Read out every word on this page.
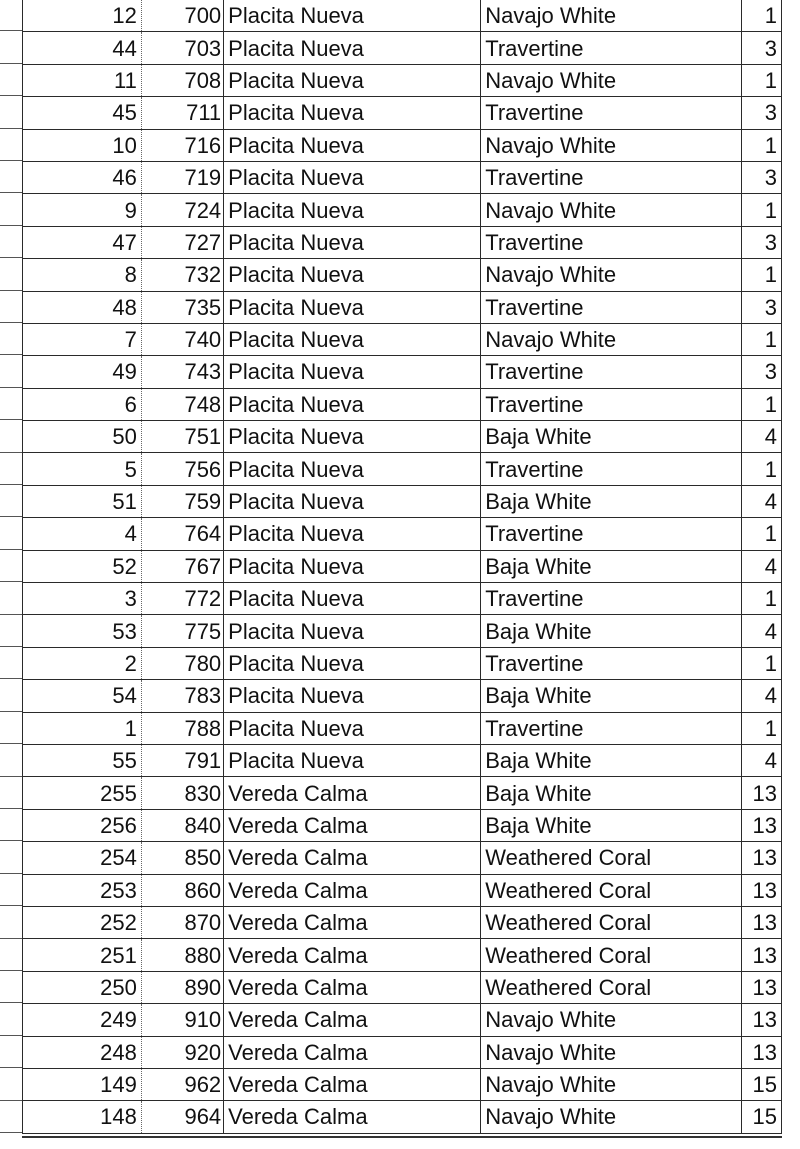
12	700	Placita Nueva	Navajo White	1
44	703	Placita Nueva	Travertine	3
11	708	Placita Nueva	Navajo White	1
45	711	Placita Nueva	Travertine	3
10	716	Placita Nueva	Navajo White	1
46	719	Placita Nueva	Travertine	3
9	724	Placita Nueva	Navajo White	1
47	727	Placita Nueva	Travertine	3
8	732	Placita Nueva	Navajo White	1
48	735	Placita Nueva	Travertine	3
7	740	Placita Nueva	Navajo White	1
49	743	Placita Nueva	Travertine	3
6	748	Placita Nueva	Travertine	1
50	751	Placita Nueva	Baja White	4
5	756	Placita Nueva	Travertine	1
51	759	Placita Nueva	Baja White	4
4	764	Placita Nueva	Travertine	1
52	767	Placita Nueva	Baja White	4
3	772	Placita Nueva	Travertine	1
53	775	Placita Nueva	Baja White	4
2	780	Placita Nueva	Travertine	1
54	783	Placita Nueva	Baja White	4
1	788	Placita Nueva	Travertine	1
55	791	Placita Nueva	Baja White	4
255	830	Vereda Calma	Baja White	13
256	840	Vereda Calma	Baja White	13
254	850	Vereda Calma	Weathered Coral	13
253	860	Vereda Calma	Weathered Coral	13
252	870	Vereda Calma	Weathered Coral	13
251	880	Vereda Calma	Weathered Coral	13
250	890	Vereda Calma	Weathered Coral	13
249	910	Vereda Calma	Navajo White	13
248	920	Vereda Calma	Navajo White	13
149	962	Vereda Calma	Navajo White	15
148	964	Vereda Calma	Navajo White	15
